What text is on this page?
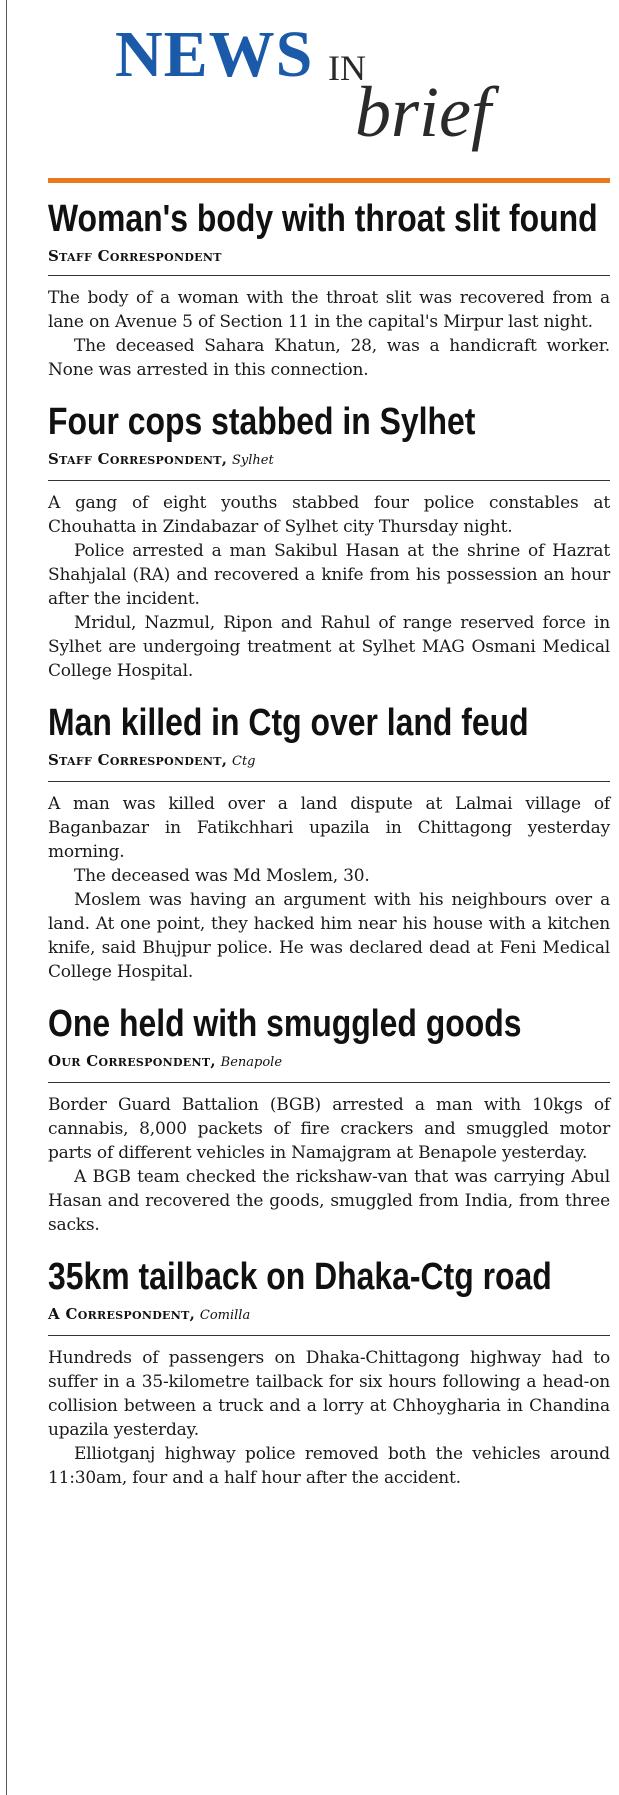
NEWS IN
brief
Woman's body with throat slit found
Staff Correspondent

The body of a woman with the throat slit was recovered from a lane on Avenue 5 of Section 11 in the capital's Mirpur last night.

The deceased Sahara Khatun, 28, was a handicraft worker. None was arrested in this connection.

Four cops stabbed in Sylhet
Staff Correspondent, Sylhet

A gang of eight youths stabbed four police constables at Chouhatta in Zindabazar of Sylhet city Thursday night.

Police arrested a man Sakibul Hasan at the shrine of Hazrat Shahjalal (RA) and recovered a knife from his possession an hour after the incident.

Mridul, Nazmul, Ripon and Rahul of range reserved force in Sylhet are undergoing treatment at Sylhet MAG Osmani Medical College Hospital.

Man killed in Ctg over land feud
Staff Correspondent, Ctg

A man was killed over a land dispute at Lalmai village of Baganbazar in Fatikchhari upazila in Chittagong yesterday morning.

The deceased was Md Moslem, 30.

Moslem was having an argument with his neighbours over a land. At one point, they hacked him near his house with a kitchen knife, said Bhujpur police. He was declared dead at Feni Medical College Hospital.

One held with smuggled goods
Our Correspondent, Benapole

Border Guard Battalion (BGB) arrested a man with 10kgs of cannabis, 8,000 packets of fire crackers and smuggled motor parts of different vehicles in Namajgram at Benapole yesterday.

A BGB team checked the rickshaw-van that was carrying Abul Hasan and recovered the goods, smuggled from India, from three sacks.

35km tailback on Dhaka-Ctg road
A Correspondent, Comilla

Hundreds of passengers on Dhaka-Chittagong highway had to suffer in a 35-kilometre tailback for six hours following a head-on collision between a truck and a lorry at Chhoygharia in Chandina upazila yesterday.

Elliotganj highway police removed both the vehicles around 11:30am, four and a half hour after the accident.
